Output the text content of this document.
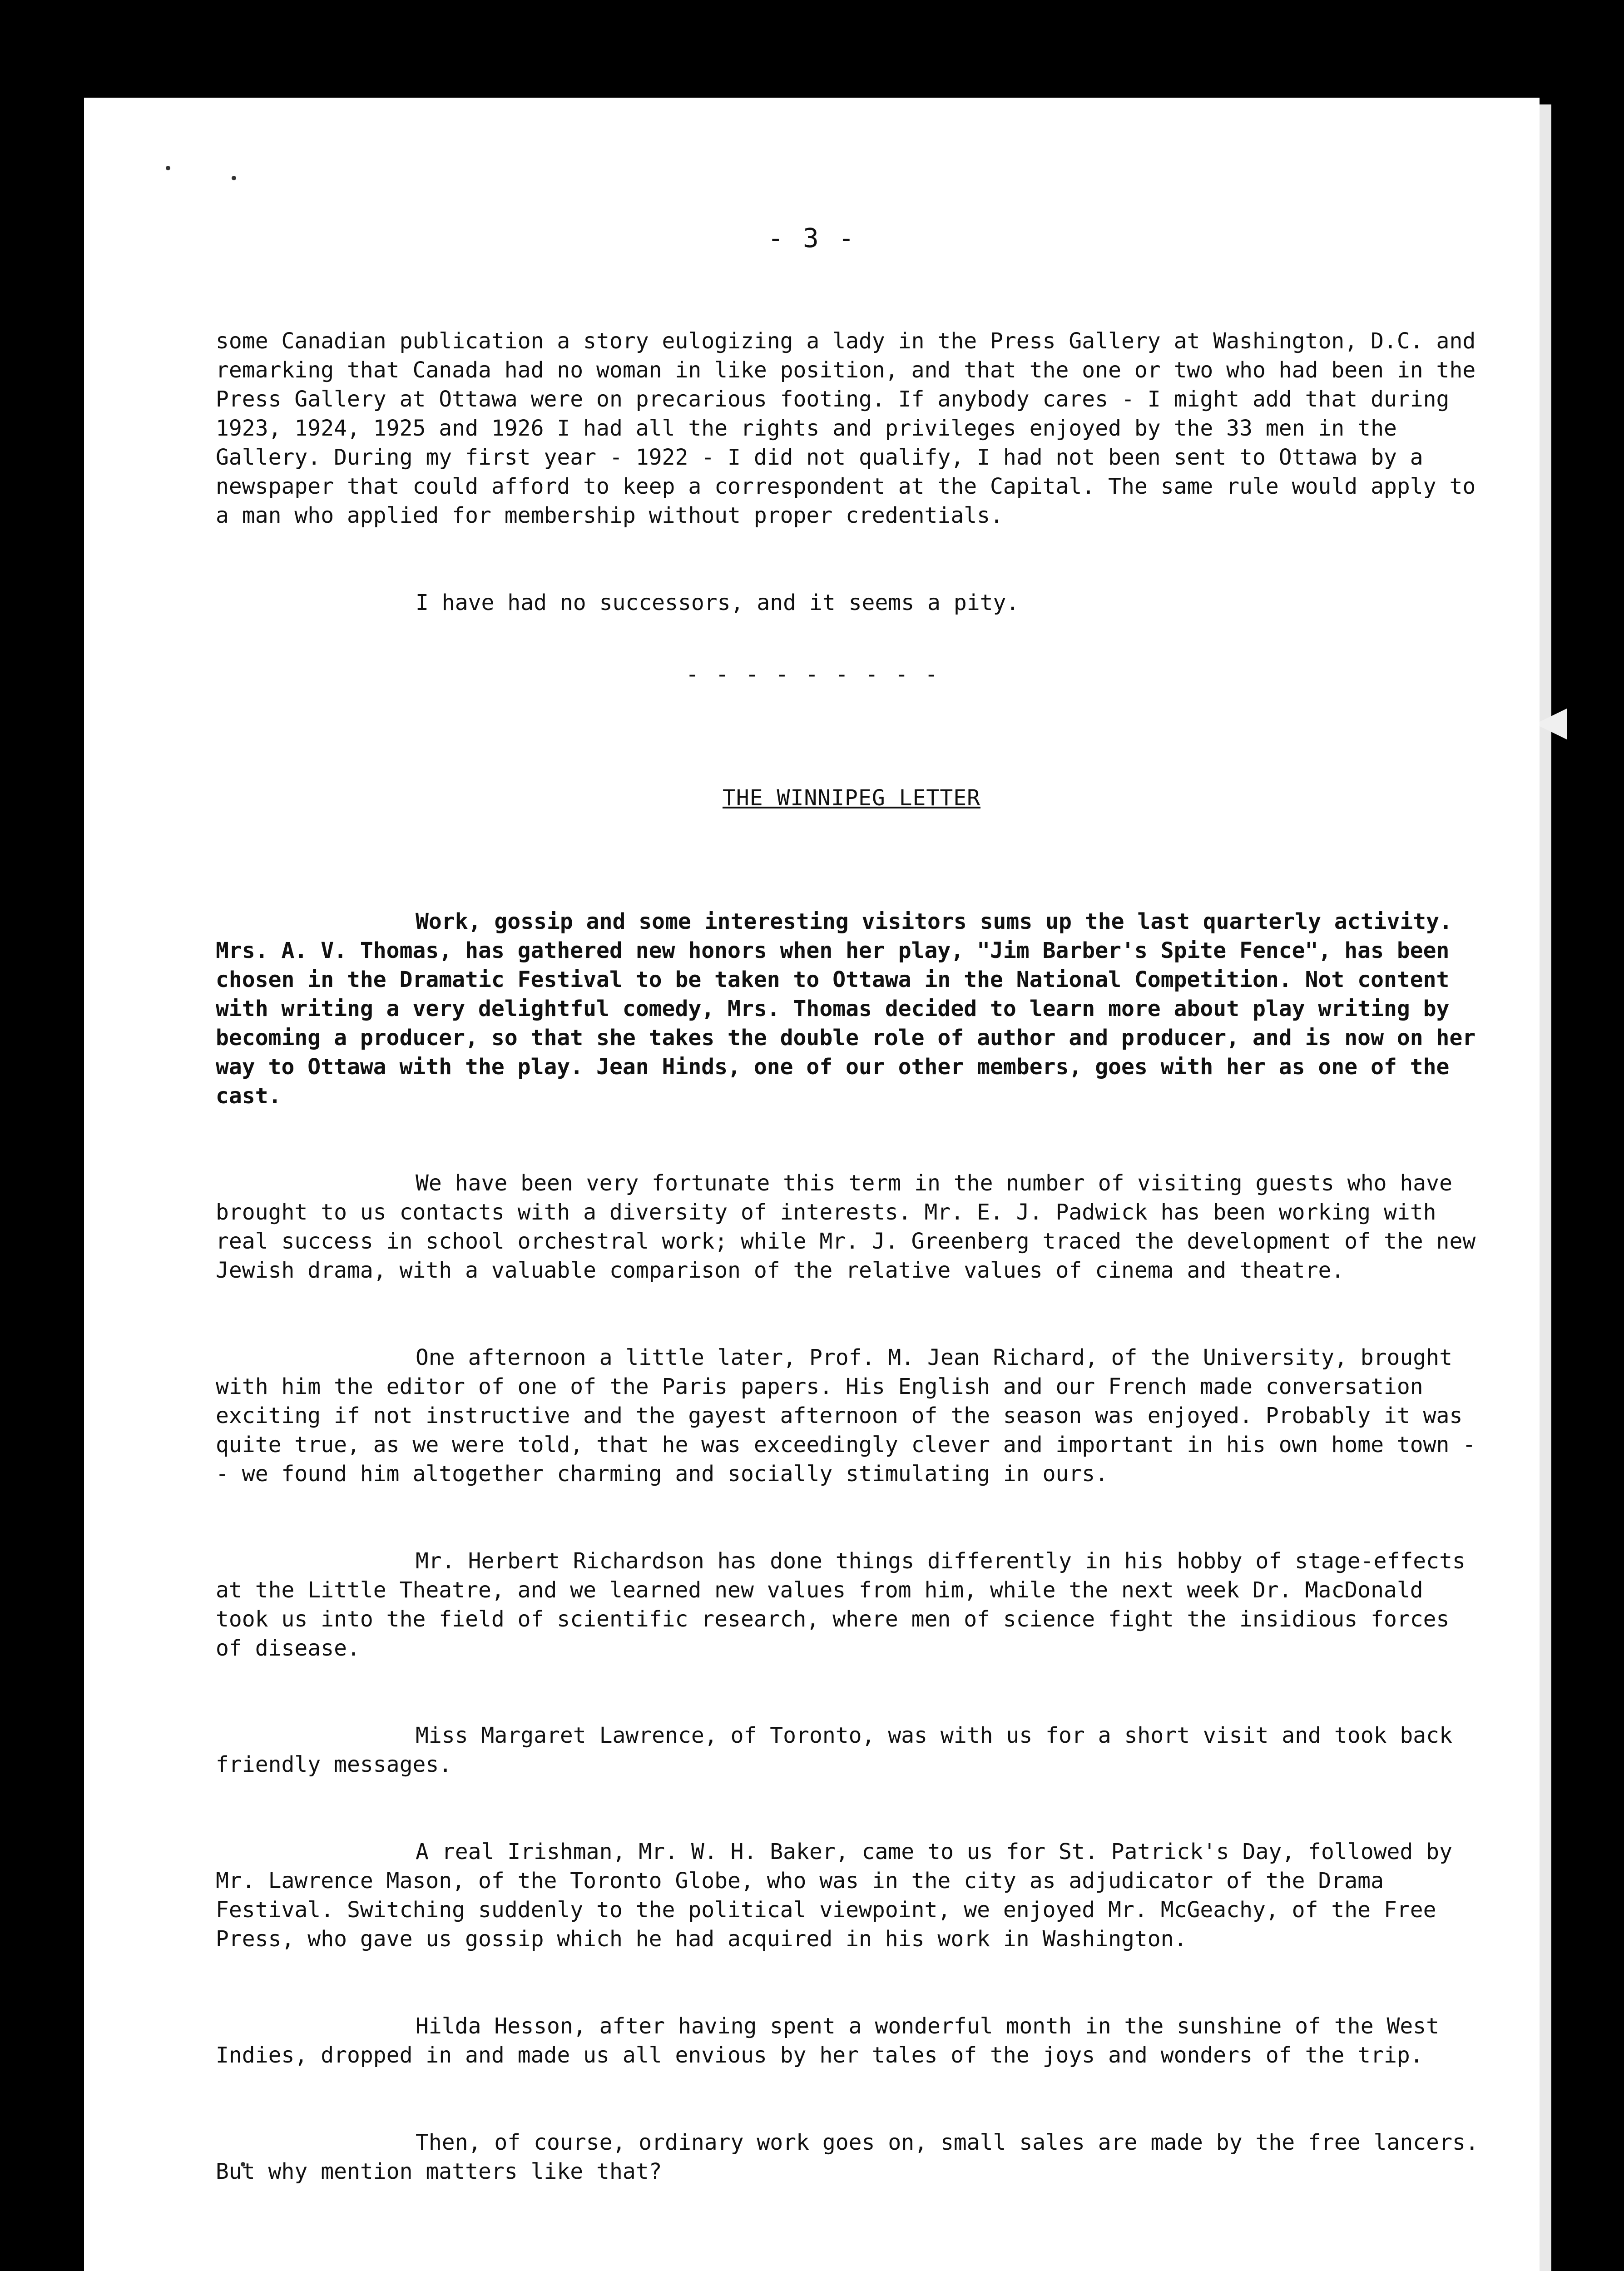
- 3 -

some Canadian publication a story eulogizing a lady in the Press Gallery at Washington, D.C. and remarking that Canada had no woman in like position, and that the one or two who had been in the Press Gallery at Ottawa were on precarious footing. If anybody cares - I might add that during 1923, 1924, 1925 and 1926 I had all the rights and privileges enjoyed by the 33 men in the Gallery. During my first year - 1922 - I did not qualify, I had not been sent to Ottawa by a newspaper that could afford to keep a correspondent at the Capital. The same rule would apply to a man who applied for membership without proper credentials.

I have had no successors, and it seems a pity.

- - - - - - - - -

THE WINNIPEG LETTER

Work, gossip and some interesting visitors sums up the last quarterly activity. Mrs. A. V. Thomas, has gathered new honors when her play, "Jim Barber's Spite Fence", has been chosen in the Dramatic Festival to be taken to Ottawa in the National Competition. Not content with writing a very delightful comedy, Mrs. Thomas decided to learn more about play writing by becoming a producer, so that she takes the double role of author and producer, and is now on her way to Ottawa with the play. Jean Hinds, one of our other members, goes with her as one of the cast.

We have been very fortunate this term in the number of visiting guests who have brought to us contacts with a diversity of interests. Mr. E. J. Padwick has been working with real success in school orchestral work; while Mr. J. Greenberg traced the development of the new Jewish drama, with a valuable comparison of the relative values of cinema and theatre.

One afternoon a little later, Prof. M. Jean Richard, of the University, brought with him the editor of one of the Paris papers. His English and our French made conversation exciting if not instructive and the gayest afternoon of the season was enjoyed. Probably it was quite true, as we were told, that he was exceedingly clever and important in his own home town -- we found him altogether charming and socially stimulating in ours.

Mr. Herbert Richardson has done things differently in his hobby of stage-effects at the Little Theatre, and we learned new values from him, while the next week Dr. MacDonald took us into the field of scientific research, where men of science fight the insidious forces of disease.

Miss Margaret Lawrence, of Toronto, was with us for a short visit and took back friendly messages.

A real Irishman, Mr. W. H. Baker, came to us for St. Patrick's Day, followed by Mr. Lawrence Mason, of the Toronto Globe, who was in the city as adjudicator of the Drama Festival. Switching suddenly to the political viewpoint, we enjoyed Mr. McGeachy, of the Free Press, who gave us gossip which he had acquired in his work in Washington.

Hilda Hesson, after having spent a wonderful month in the sunshine of the West Indies, dropped in and made us all envious by her tales of the joys and wonders of the trip.

Then, of course, ordinary work goes on, small sales are made by the free lancers. But why mention matters like that?
